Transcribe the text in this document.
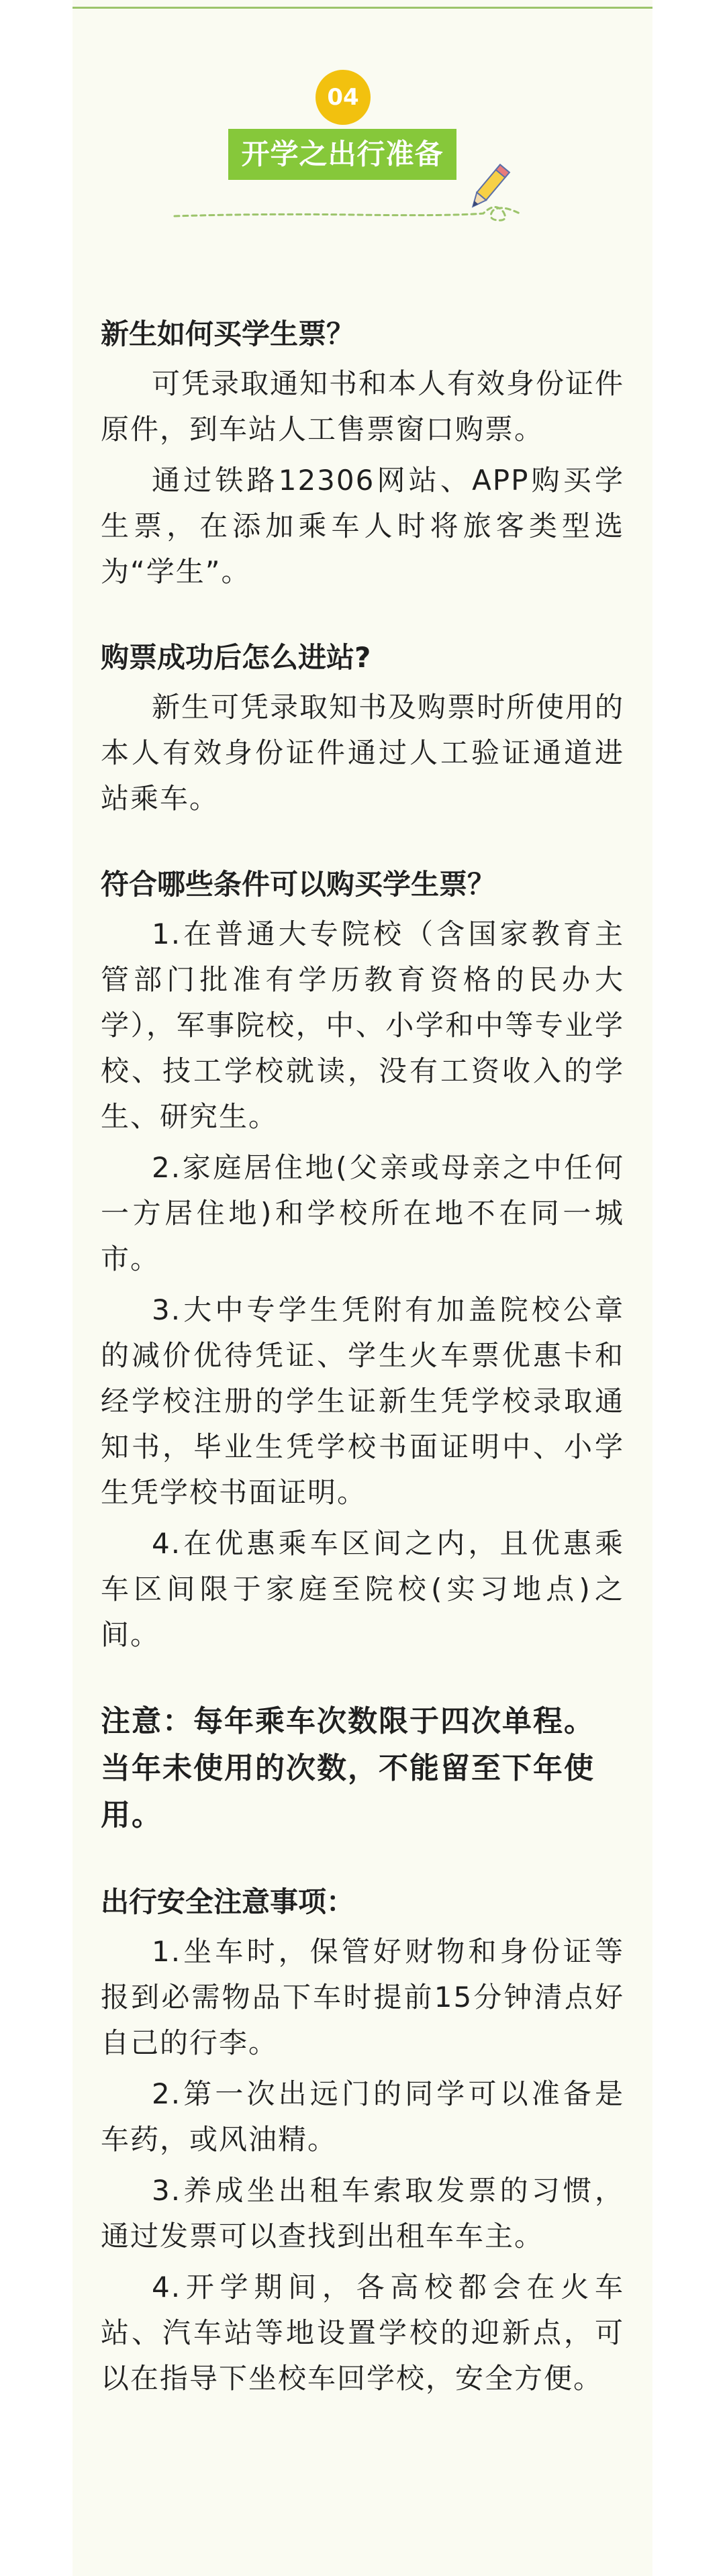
04
开学之出行准备
新生如何买学生票？
可凭录取通知书和本人有效身份证件原件，到车站人工售票窗口购票。
通过铁路12306网站、APP购买学生票，在添加乘车人时将旅客类型选为“学生”。
购票成功后怎么进站?
新生可凭录取知书及购票时所使用的本人有效身份证件通过人工验证通道进站乘车。
符合哪些条件可以购买学生票？
1.在普通大专院校（含国家教育主管部门批准有学历教育资格的民办大学），军事院校，中、小学和中等专业学校、技工学校就读，没有工资收入的学生、研究生。
2.家庭居住地(父亲或母亲之中任何一方居住地)和学校所在地不在同一城市。
3.大中专学生凭附有加盖院校公章的减价优待凭证、学生火车票优惠卡和经学校注册的学生证新生凭学校录取通知书，毕业生凭学校书面证明中、小学生凭学校书面证明。
4.在优惠乘车区间之内，且优惠乘车区间限于家庭至院校(实习地点)之间。
注意：每年乘车次数限于四次单程。当年未使用的次数，不能留至下年使用。
出行安全注意事项：
1.坐车时，保管好财物和身份证等报到必需物品下车时提前15分钟清点好自己的行李。
2.第一次出远门的同学可以准备是车药，或风油精。
3.养成坐出租车索取发票的习惯，通过发票可以查找到出租车车主。
4.开学期间，各高校都会在火车站、汽车站等地设置学校的迎新点，可以在指导下坐校车回学校，安全方便。
